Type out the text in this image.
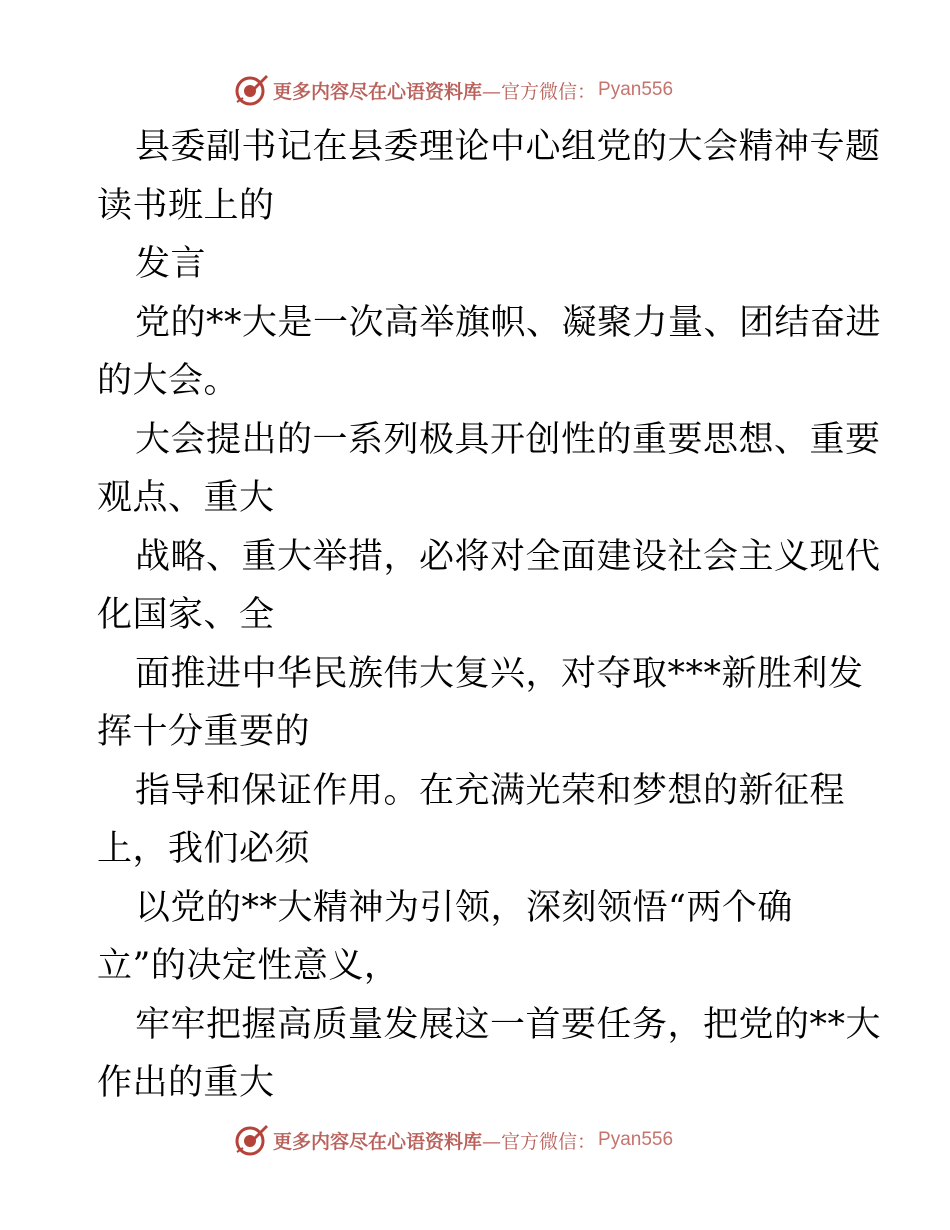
更多内容尽在心语资料库 —官方微信： Pyan556
县委副书记在县委理论中心组党的大会精神专题
读书班上的
发言
党的**大是一次高举旗帜、凝聚力量、团结奋进
的大会。
大会提出的一系列极具开创性的重要思想、重要
观点、重大
战略、重大举措，必将对全面建设社会主义现代
化国家、全
面推进中华民族伟大复兴，对夺取***新胜利发
挥十分重要的
指导和保证作用。在充满光荣和梦想的新征程
上，我们必须
以党的**大精神为引领，深刻领悟“两个确
立”的决定性意义，
牢牢把握高质量发展这一首要任务，把党的**大
作出的重大
更多内容尽在心语资料库 —官方微信： Pyan556
